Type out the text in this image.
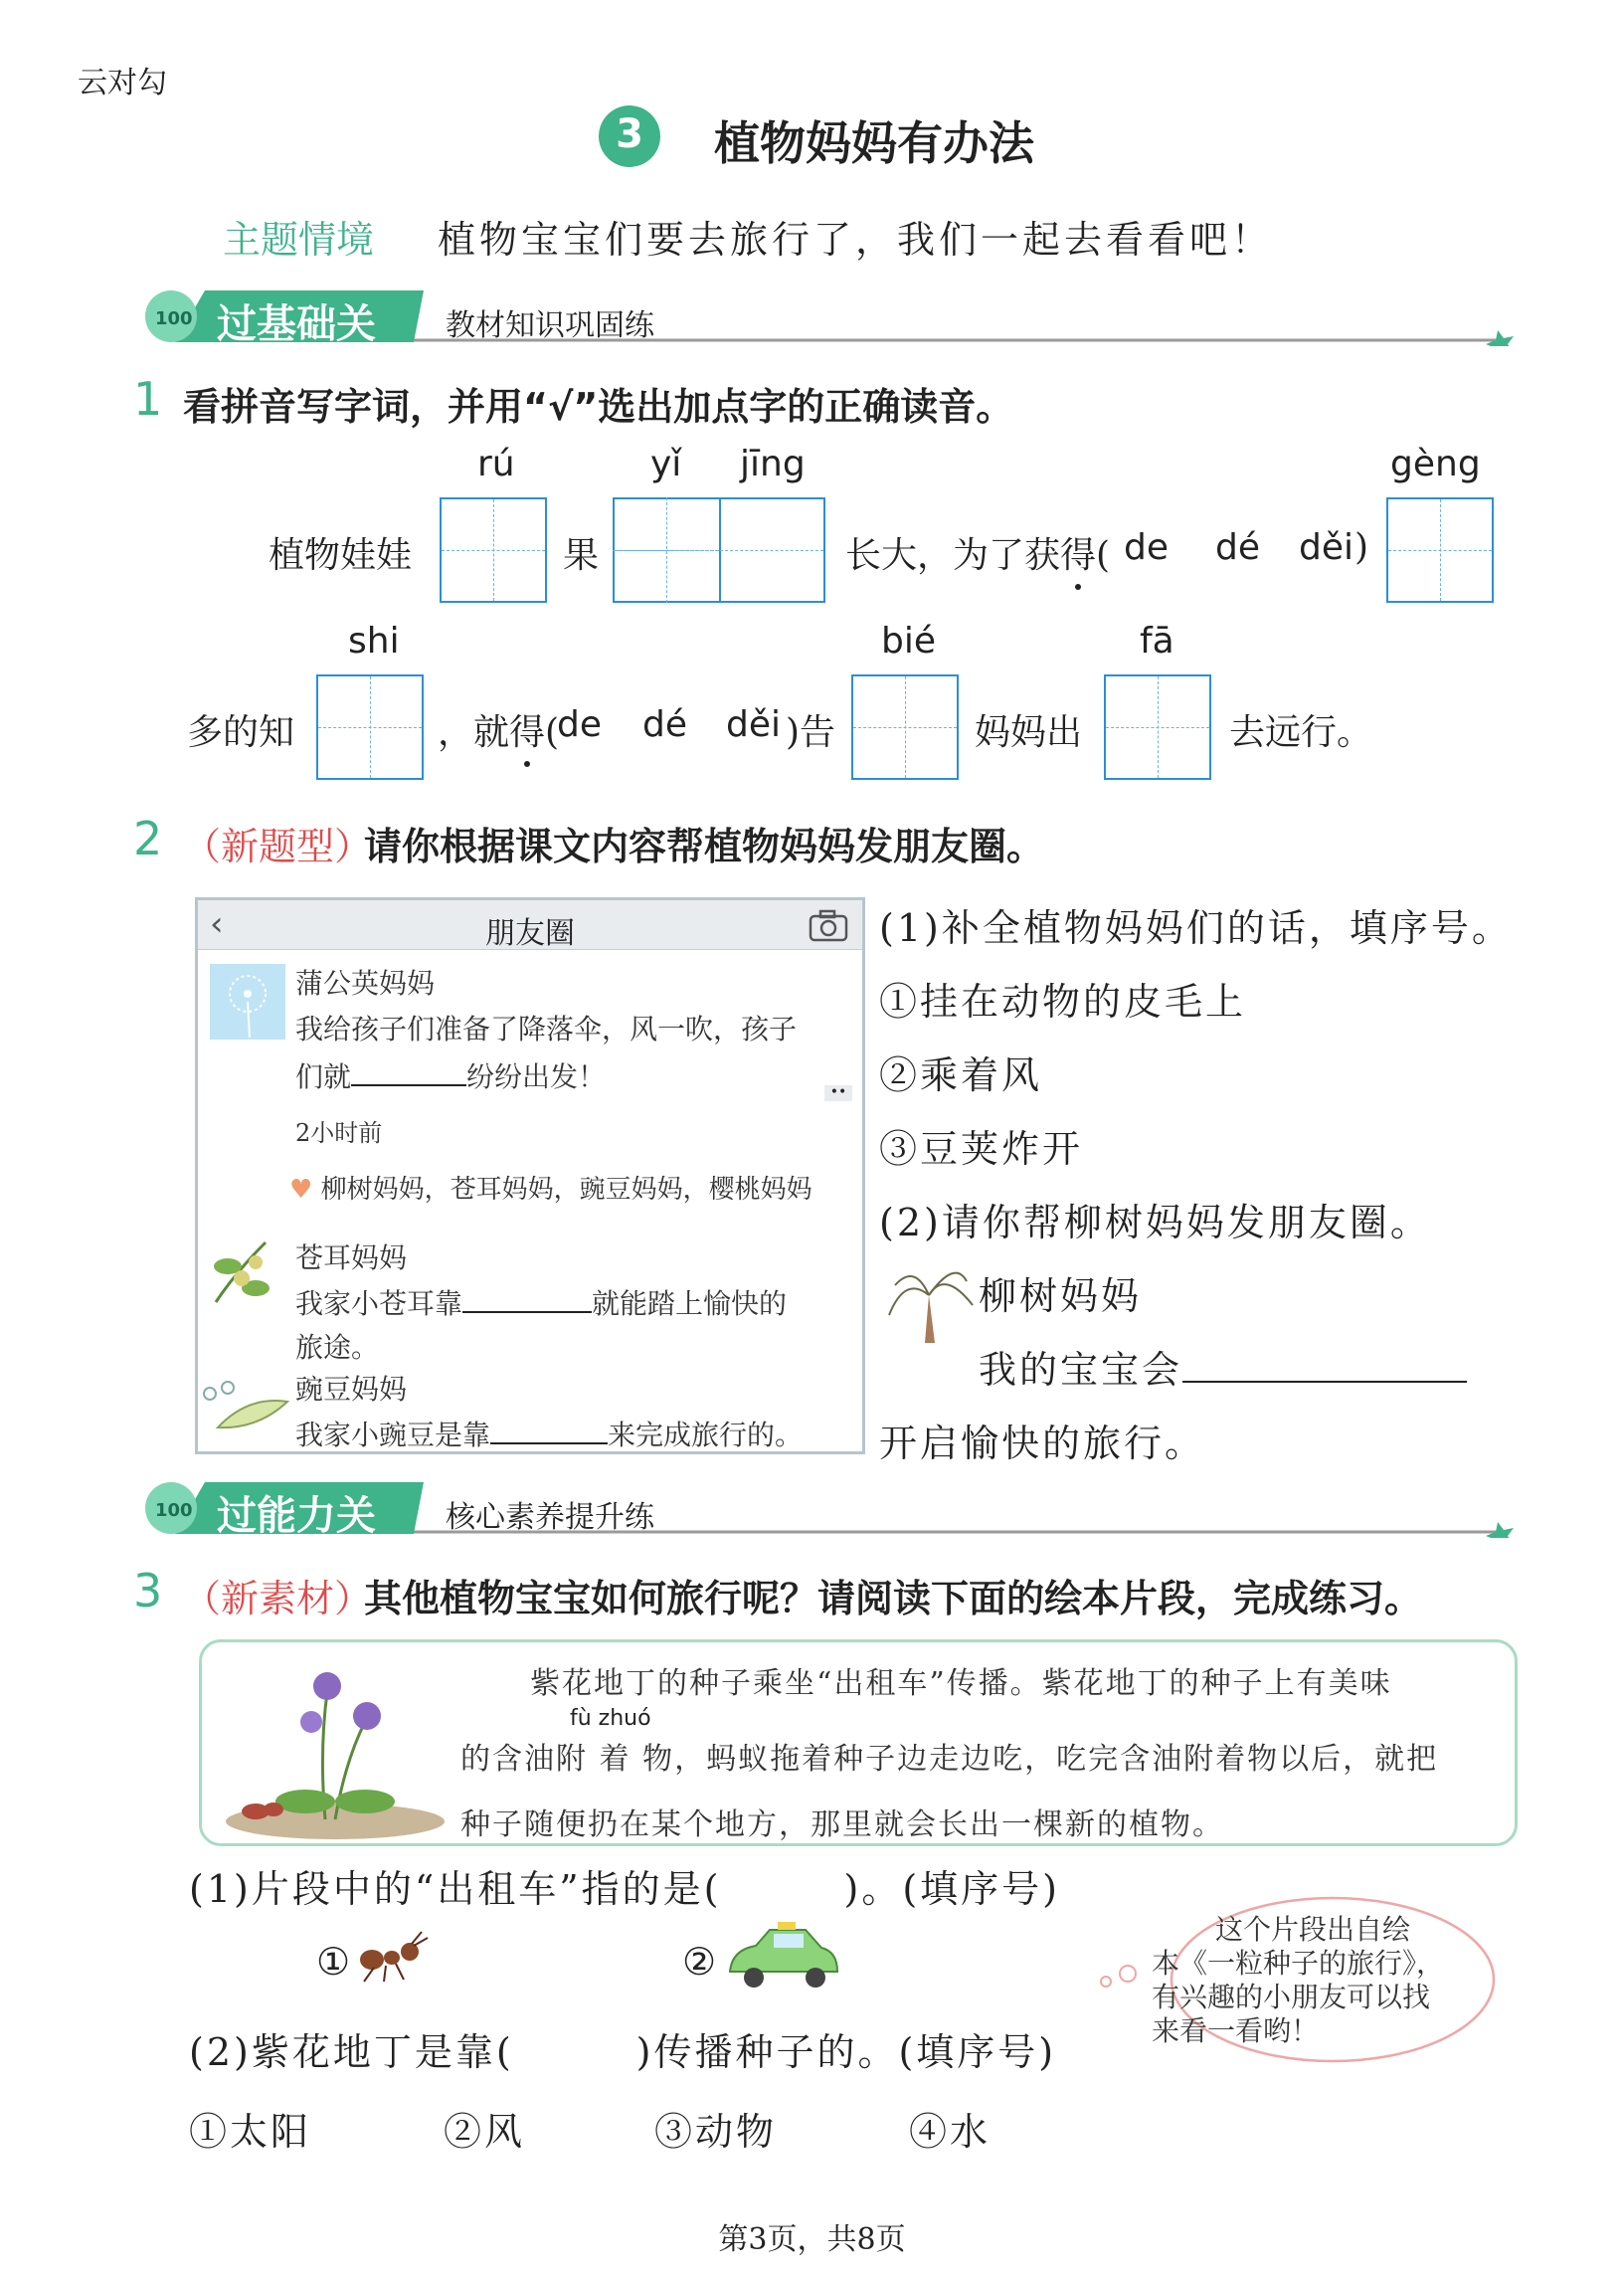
云对勾
3	植物妈妈有办法
主题情境 植物宝宝们要去旅行了，我们一起去看看吧！
100 过基础关 教材知识巩固练
1 看拼音写字词，并用“√”选出加点字的正确读音。
rú	yǐ jīng	gèng
植物娃娃	果	长大，为了获得( de dé děi )
shi	bié	fā
多的知	，就得(
de dé děi )告	妈妈出	去远行。
2 （新题型）
请你根据课文内容帮植物妈妈发朋友圈。
‹	朋友圈
蒲公英妈妈
我给孩子们准备了降落伞，风一吹，孩子
们就	纷纷出发！	••
2小时前
♥ 柳树妈妈，苍耳妈妈，豌豆妈妈，樱桃妈妈
苍耳妈妈
我家小苍耳靠	就能踏上愉快的
旅途。
豌豆妈妈
我家小豌豆是靠	来完成旅行的。
(1)补全植物妈妈们的话，填序号。
①挂在动物的皮毛上
②乘着风
③豆荚炸开
(2)请你帮柳树妈妈发朋友圈。
柳树妈妈
我的宝宝会
开启愉快的旅行。
100 过能力关 核心素养提升练
3 （新素材）
其他植物宝宝如何旅行呢？请阅读下面的绘本片段，完成练习。
紫花地丁的种子乘坐“出租车”传播。紫花地丁的种子上有美味
fù zhuó
的含油附 着 物，蚂蚁拖着种子边走边吃，吃完含油附着物以后，就把
种子随便扔在某个地方，那里就会长出一棵新的植物。
(1)片段中的“出租车”指的是(　　　)。(填序号)
①	②
(2)紫花地丁是靠(　　　)传播种子的。(填序号)
①太阳	②风	③动物	④水
这个片段出自绘
本《一粒种子的旅行》，
有兴趣的小朋友可以找
来看一看哟！
第3页，共8页
